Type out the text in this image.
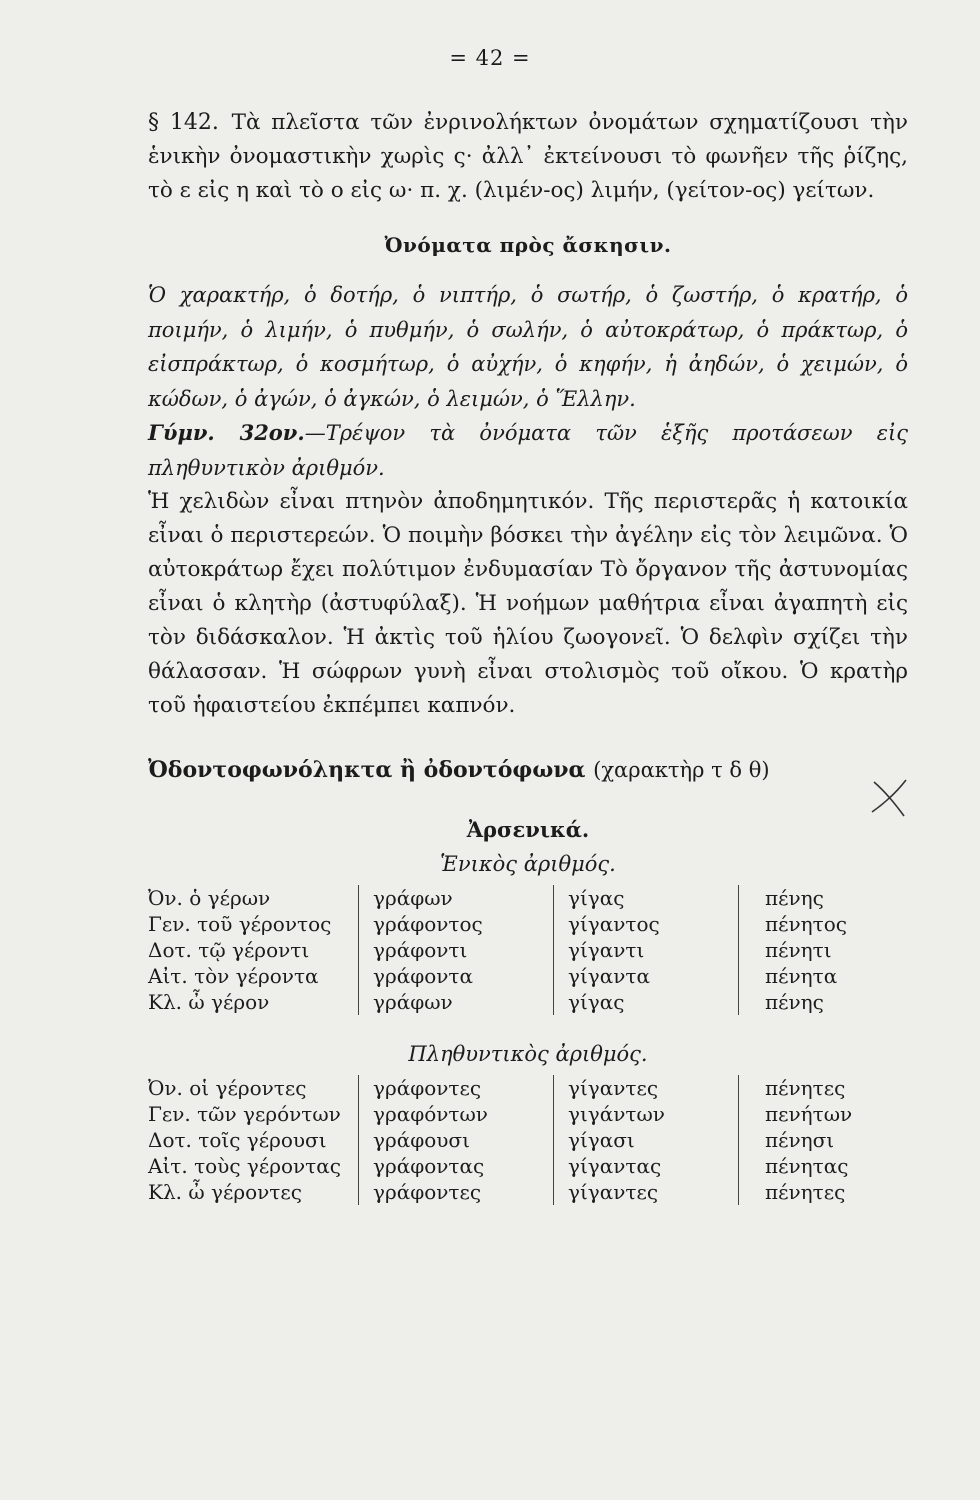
= 42 =

§ 142. Τὰ πλεῖστα τῶν ἐνρινολήκτων ὀνομάτων σχηματίζουσι τὴν ἑνικὴν ὀνομαστικὴν χωρὶς ς· ἀλλ᾽ ἐκτείνουσι τὸ φωνῆεν τῆς ῥίζης, τὸ ε εἰς η καὶ τὸ ο εἰς ω· π. χ. (λιμέν-ος) λιμήν, (γείτον-ος) γείτων.

Ὀνόματα πρὸς ἄσκησιν.

Ὁ χαρακτήρ, ὁ δοτήρ, ὁ νιπτήρ, ὁ σωτήρ, ὁ ζωστήρ, ὁ κρατήρ, ὁ ποιμήν, ὁ λιμήν, ὁ πυθμήν, ὁ σωλήν, ὁ αὐτοκράτωρ, ὁ πράκτωρ, ὁ εἰσπράκτωρ, ὁ κοσμήτωρ, ὁ αὐχήν, ὁ κηφήν, ἡ ἀηδών, ὁ χειμών, ὁ κώδων, ὁ ἀγών, ὁ ἀγκών, ὁ λειμών, ὁ Ἕλλην.

Γύμν. 32ον.—Τρέψον τὰ ὀνόματα τῶν ἑξῆς προτάσεων εἰς πληθυντικὸν ἀριθμόν.

Ἡ χελιδὼν εἶναι πτηνὸν ἀποδημητικόν. Τῆς περιστερᾶς ἡ κατοικία εἶναι ὁ περιστερεών. Ὁ ποιμὴν βόσκει τὴν ἀγέλην εἰς τὸν λειμῶνα. Ὁ αὐτοκράτωρ ἔχει πολύτιμον ἐνδυμασίαν Τὸ ὄργανον τῆς ἀστυνομίας εἶναι ὁ κλητὴρ (ἀστυφύλαξ). Ἡ νοήμων μαθήτρια εἶναι ἀγαπητὴ εἰς τὸν διδάσκαλον. Ἡ ἀκτὶς τοῦ ἡλίου ζωογονεῖ. Ὁ δελφὶν σχίζει τὴν θάλασσαν. Ἡ σώφρων γυνὴ εἶναι στολισμὸς τοῦ οἴκου. Ὁ κρατὴρ τοῦ ἡφαιστείου ἐκπέμπει καπνόν.

Ὀδοντοφωνόληκτα ἢ ὀδοντόφωνα (χαρακτὴρ τ δ θ)
Ἀρσενικά.
Ἑνικὸς ἀριθμός.
Ὀν. ὁ γέρων	γράφων	γίγας	πένης
Γεν. τοῦ γέροντος	γράφοντος	γίγαντος	πένητος
Δοτ. τῷ γέροντι	γράφοντι	γίγαντι	πένητι
Αἰτ. τὸν γέροντα	γράφοντα	γίγαντα	πένητα
Κλ. ὦ γέρον	γράφων	γίγας	πένης
Πληθυντικὸς ἀριθμός.
Ὀν. οἱ γέροντες	γράφοντες	γίγαντες	πένητες
Γεν. τῶν γερόντων	γραφόντων	γιγάντων	πενήτων
Δοτ. τοῖς γέρουσι	γράφουσι	γίγασι	πένησι
Αἰτ. τοὺς γέροντας	γράφοντας	γίγαντας	πένητας
Κλ. ὦ γέροντες	γράφοντες	γίγαντες	πένητες
